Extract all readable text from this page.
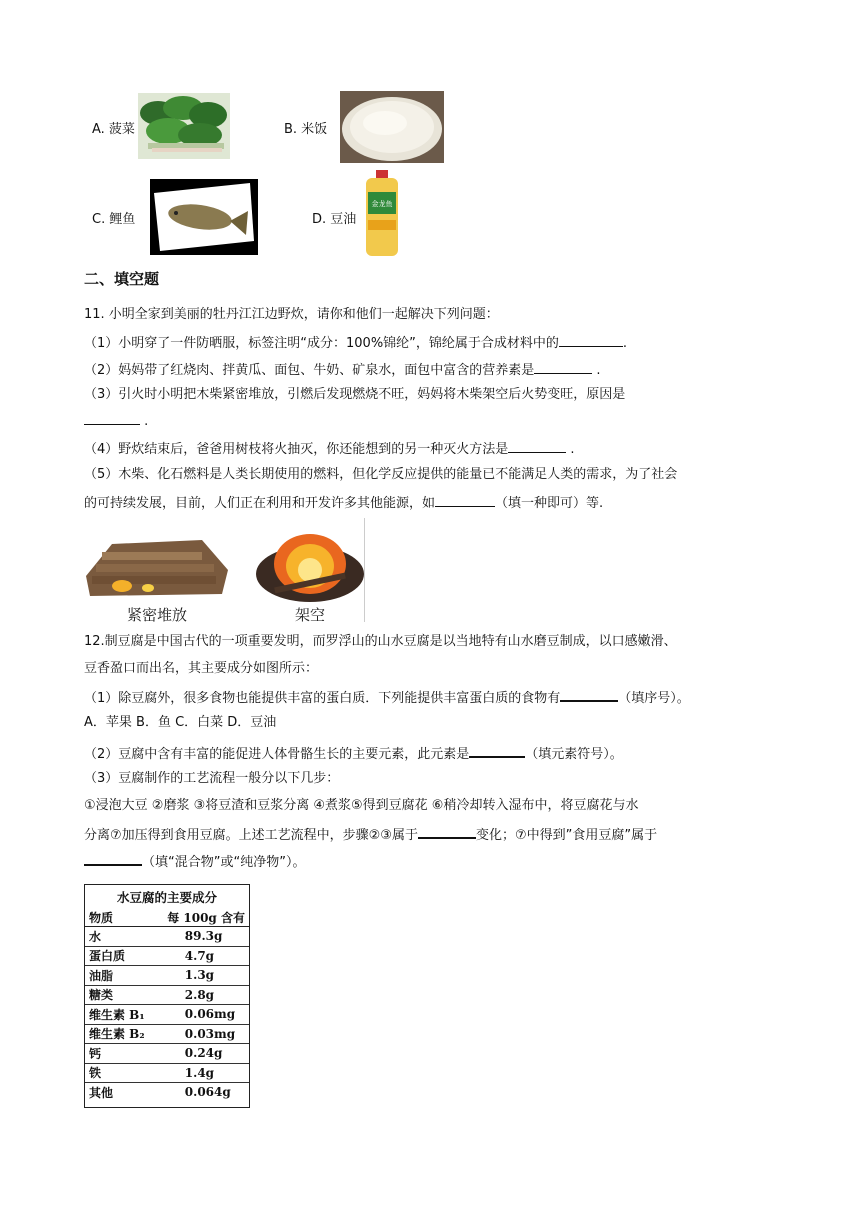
A. 菠菜	B. 米饭
C. 鲤鱼	D. 豆油
金龙鱼
二、填空题
11. 小明全家到美丽的牡丹江江边野炊，请你和他们一起解决下列问题：
（1）小明穿了一件防晒服，标签注明“成分：100%锦纶”，锦纶属于合成材料中的	.
（2）妈妈带了红烧肉、拌黄瓜、面包、牛奶、矿泉水，面包中富含的营养素是	.
（3）引火时小明把木柴紧密堆放，引燃后发现燃烧不旺，妈妈将木柴架空后火势变旺，原因是
.
（4）野炊结束后，爸爸用树枝将火抽灭，你还能想到的另一种灭火方法是	.
（5）木柴、化石燃料是人类长期使用的燃料，但化学反应提供的能量已不能满足人类的需求，为了社会
的可持续发展，目前，人们正在利用和开发许多其他能源，如	（填一种即可）等.
紧密堆放	架空
12.制豆腐是中国古代的一项重要发明，而罗浮山的山水豆腐是以当地特有山水磨豆制成，以口感嫩滑、
豆香盈口而出名，其主要成分如图所示：
（1）除豆腐外，很多食物也能提供丰富的蛋白质．下列能提供丰富蛋白质的食物有	（填序号）。
A．苹果 B．鱼 C．白菜 D．豆油
（2）豆腐中含有丰富的能促进人体骨骼生长的主要元素，此元素是	（填元素符号）。
（3）豆腐制作的工艺流程一般分以下几步：
①浸泡大豆 ②磨浆 ③将豆渣和豆浆分离 ④煮浆⑤得到豆腐花 ⑥稍冷却转入湿布中，将豆腐花与水
分离⑦加压得到食用豆腐。上述工艺流程中，步骤②③属于	变化；⑦中得到”食用豆腐”属于
（填“混合物”或“纯净物”）。
水豆腐的主要成分	
物质	每 100g 含有
水	89.3g
蛋白质	4.7g
油脂	1.3g
糖类	2.8g
维生素 B₁	0.06mg
维生素 B₂	0.03mg
钙	0.24g
铁	1.4g
其他	0.064g
